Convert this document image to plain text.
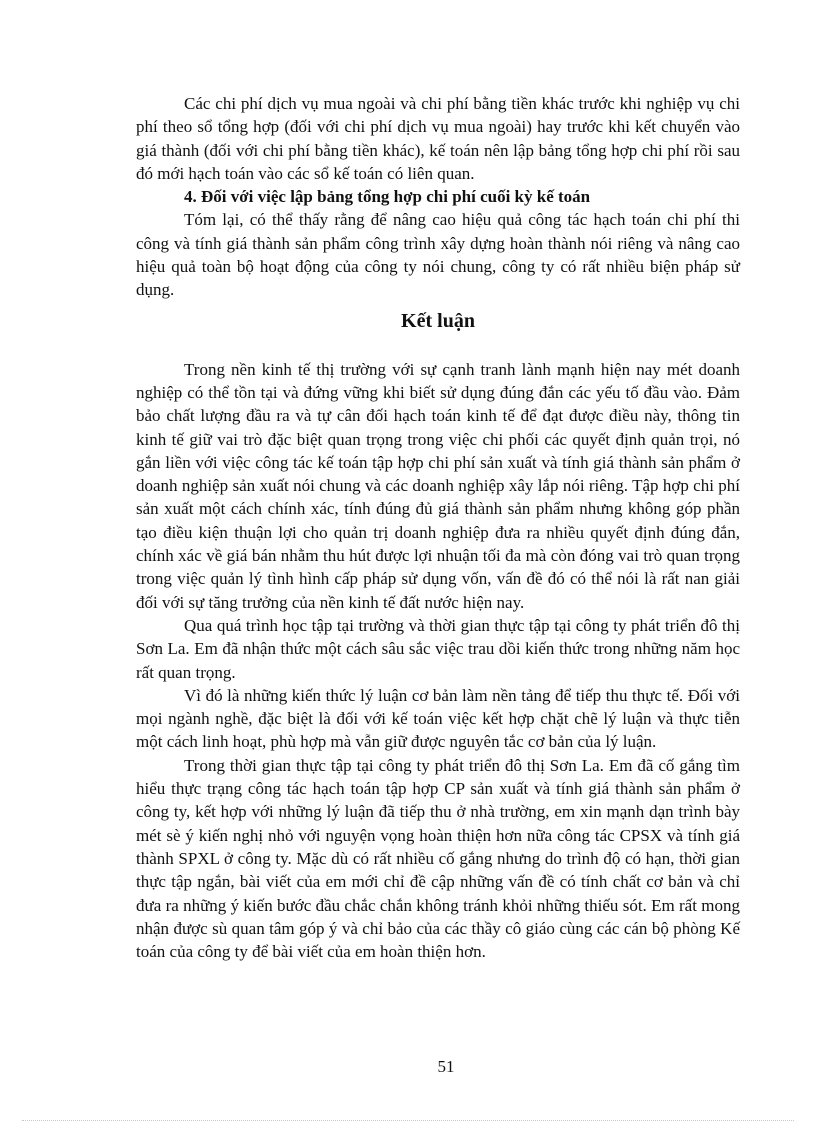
Các chi phí dịch vụ mua ngoài và chi phí bằng tiền khác trước khi nghiệp vụ chi phí theo sổ tổng hợp (đối với chi phí dịch vụ mua ngoài) hay trước khi kết chuyển vào giá thành (đối với chi phí bằng tiền khác), kế toán nên lập bảng tổng hợp chi phí rồi sau đó mới hạch toán vào các sổ kế toán có liên quan.

4. Đối với việc lập bảng tổng hợp chi phí cuối kỳ kế toán

Tóm lại, có thể thấy rằng để nâng cao hiệu quả công tác hạch toán chi phí thi công và tính giá thành sản phẩm công trình xây dựng hoàn thành nói riêng và nâng cao hiệu quả toàn bộ hoạt động của công ty nói chung, công ty có rất nhiều biện pháp sử dụng.

Kết luận

Trong nền kinh tế thị trường với sự cạnh tranh lành mạnh hiện nay mét doanh nghiệp có thể tồn tại và đứng vững khi biết sử dụng đúng đắn các yếu tố đầu vào. Đảm bảo chất lượng đầu ra và tự cân đối hạch toán kinh tế để đạt được điều này, thông tin kinh tế giữ vai trò đặc biệt quan trọng trong việc chi phối các quyết định quản trọi, nó gắn liền với việc công tác kế toán tập hợp chi phí sản xuất và tính giá thành sản phẩm ở doanh nghiệp sản xuất nói chung và các doanh nghiệp xây lắp nói riêng. Tập hợp chi phí sản xuất một cách chính xác, tính đúng đủ giá thành sản phẩm nhưng không góp phần tạo điều kiện thuận lợi cho quản trị doanh nghiệp đưa ra nhiều quyết định đúng đắn, chính xác về giá bán nhằm thu hút được lợi nhuận tối đa mà còn đóng vai trò quan trọng trong việc quản lý tình hình cấp pháp sử dụng vốn, vấn đề đó có thể nói là rất nan giải đối với sự tăng trưởng của nền kinh tế đất nước hiện nay.

Qua quá trình học tập tại trường và thời gian thực tập tại công ty phát triển đô thị Sơn La. Em đã nhận thức một cách sâu sắc việc trau dồi kiến thức trong những năm học rất quan trọng.

Vì đó là những kiến thức lý luận cơ bản làm nền tảng để tiếp thu thực tế. Đối với mọi ngành nghề, đặc biệt là đối với kế toán việc kết hợp chặt chẽ lý luận và thực tiễn một cách linh hoạt, phù hợp mà vẫn giữ được nguyên tắc cơ bản của lý luận.

Trong thời gian thực tập tại công ty phát triển đô thị Sơn La. Em đã cố gắng tìm hiểu thực trạng công tác hạch toán tập hợp CP sản xuất và tính giá thành sản phẩm ở công ty, kết hợp với những lý luận đã tiếp thu ở nhà trường, em xin mạnh dạn trình bày mét sè ý kiến nghị nhỏ với nguyện vọng hoàn thiện hơn nữa công tác CPSX và tính giá thành SPXL ở công ty. Mặc dù có rất nhiều cố gắng nhưng do trình độ có hạn, thời gian thực tập ngắn, bài viết của em mới chỉ đề cập những vấn đề có tính chất cơ bản và chỉ đưa ra những ý kiến bước đầu chắc chắn không tránh khỏi những thiếu sót. Em rất mong nhận được sù quan tâm góp ý và chỉ bảo của các thầy cô giáo cùng các cán bộ phòng Kế toán của công ty để bài viết của em hoàn thiện hơn.

51
